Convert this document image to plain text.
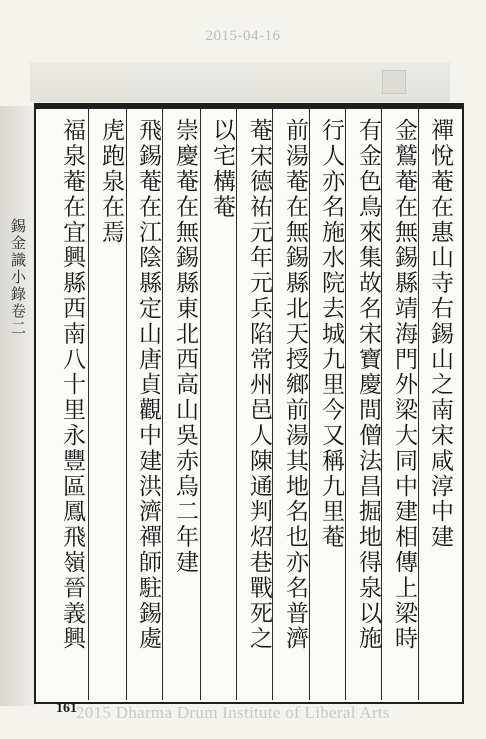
2015-04-16
錫金識小錄卷二	禪悅菴在惠山寺右錫山之南宋咸淳中建
金鷲菴在無錫縣靖海門外梁大同中建相傳上梁時
有金色鳥來集故名宋寶慶間僧法昌掘地得泉以施
行人亦名施水院去城九里今又稱九里菴
前湯菴在無錫縣北天授鄉前湯其地名也亦名普濟
菴宋德祐元年元兵陷常州邑人陳通判炤巷戰死之
以宅構菴
崇慶菴在無錫縣東北西高山吳赤烏二年建
飛錫菴在江陰縣定山唐貞觀中建洪濟禪師駐錫處
虎跑泉在焉
福泉菴在宜興縣西南八十里永豐區鳳飛嶺晉義興
161 2015 Dharma Drum Institute of Liberal Arts
